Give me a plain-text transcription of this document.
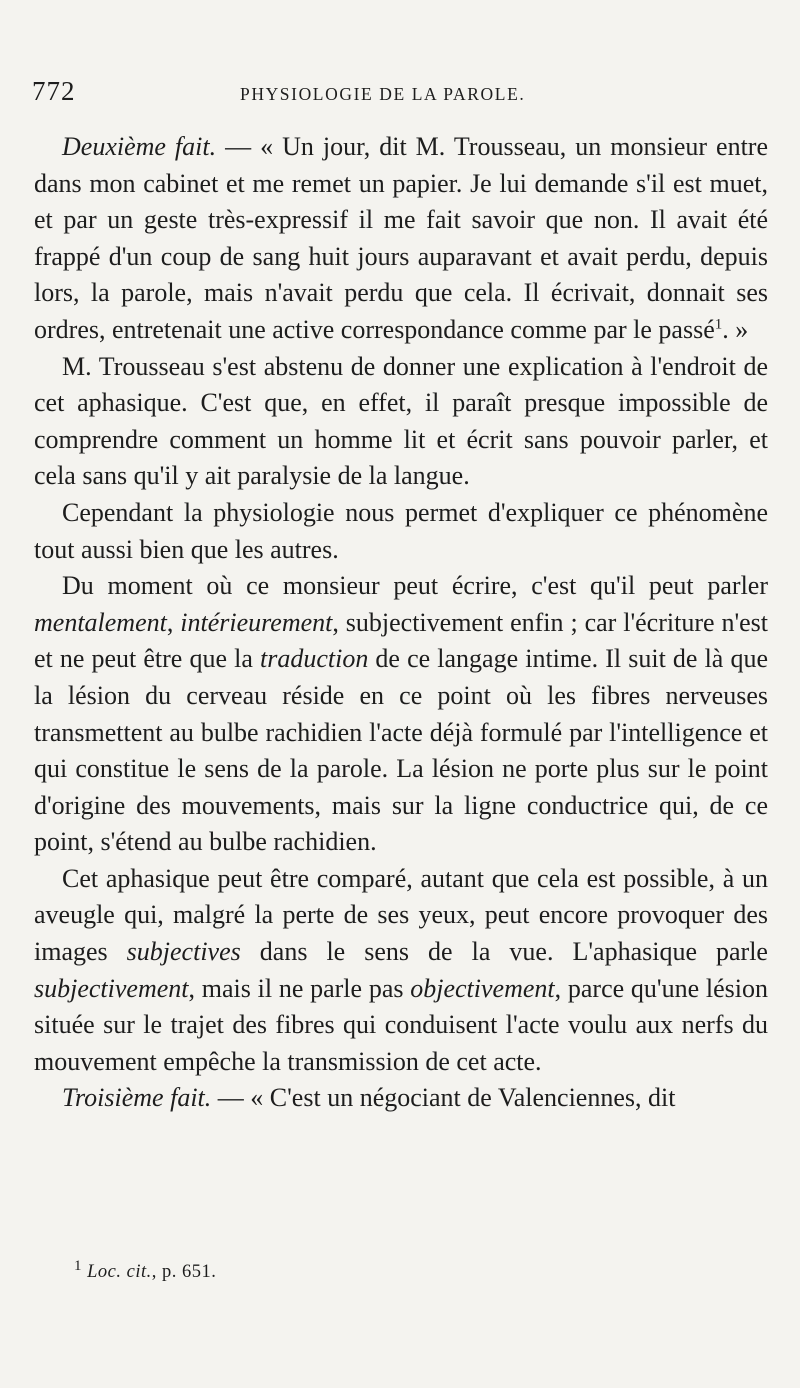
772	PHYSIOLOGIE DE LA PAROLE.

Deuxième fait. — « Un jour, dit M. Trousseau, un monsieur entre dans mon cabinet et me remet un papier. Je lui demande s'il est muet, et par un geste très-expressif il me fait savoir que non. Il avait été frappé d'un coup de sang huit jours auparavant et avait perdu, depuis lors, la parole, mais n'avait perdu que cela. Il écrivait, donnait ses ordres, entretenait une active correspondance comme par le passé$^1$. »

M. Trousseau s'est abstenu de donner une explication à l'endroit de cet aphasique. C'est que, en effet, il paraît presque impossible de comprendre comment un homme lit et écrit sans pouvoir parler, et cela sans qu'il y ait paralysie de la langue.

Cependant la physiologie nous permet d'expliquer ce phénomène tout aussi bien que les autres.

Du moment où ce monsieur peut écrire, c'est qu'il peut parler mentalement, intérieurement, subjectivement enfin ; car l'écriture n'est et ne peut être que la traduction de ce langage intime. Il suit de là que la lésion du cerveau réside en ce point où les fibres nerveuses transmettent au bulbe rachidien l'acte déjà formulé par l'intelligence et qui constitue le sens de la parole. La lésion ne porte plus sur le point d'origine des mouvements, mais sur la ligne conductrice qui, de ce point, s'étend au bulbe rachidien.

Cet aphasique peut être comparé, autant que cela est possible, à un aveugle qui, malgré la perte de ses yeux, peut encore provoquer des images subjectives dans le sens de la vue. L'aphasique parle subjectivement, mais il ne parle pas objectivement, parce qu'une lésion située sur le trajet des fibres qui conduisent l'acte voulu aux nerfs du mouvement empêche la transmission de cet acte.

Troisième fait. — « C'est un négociant de Valenciennes, dit

$^1$ Loc. cit., p. 651.
